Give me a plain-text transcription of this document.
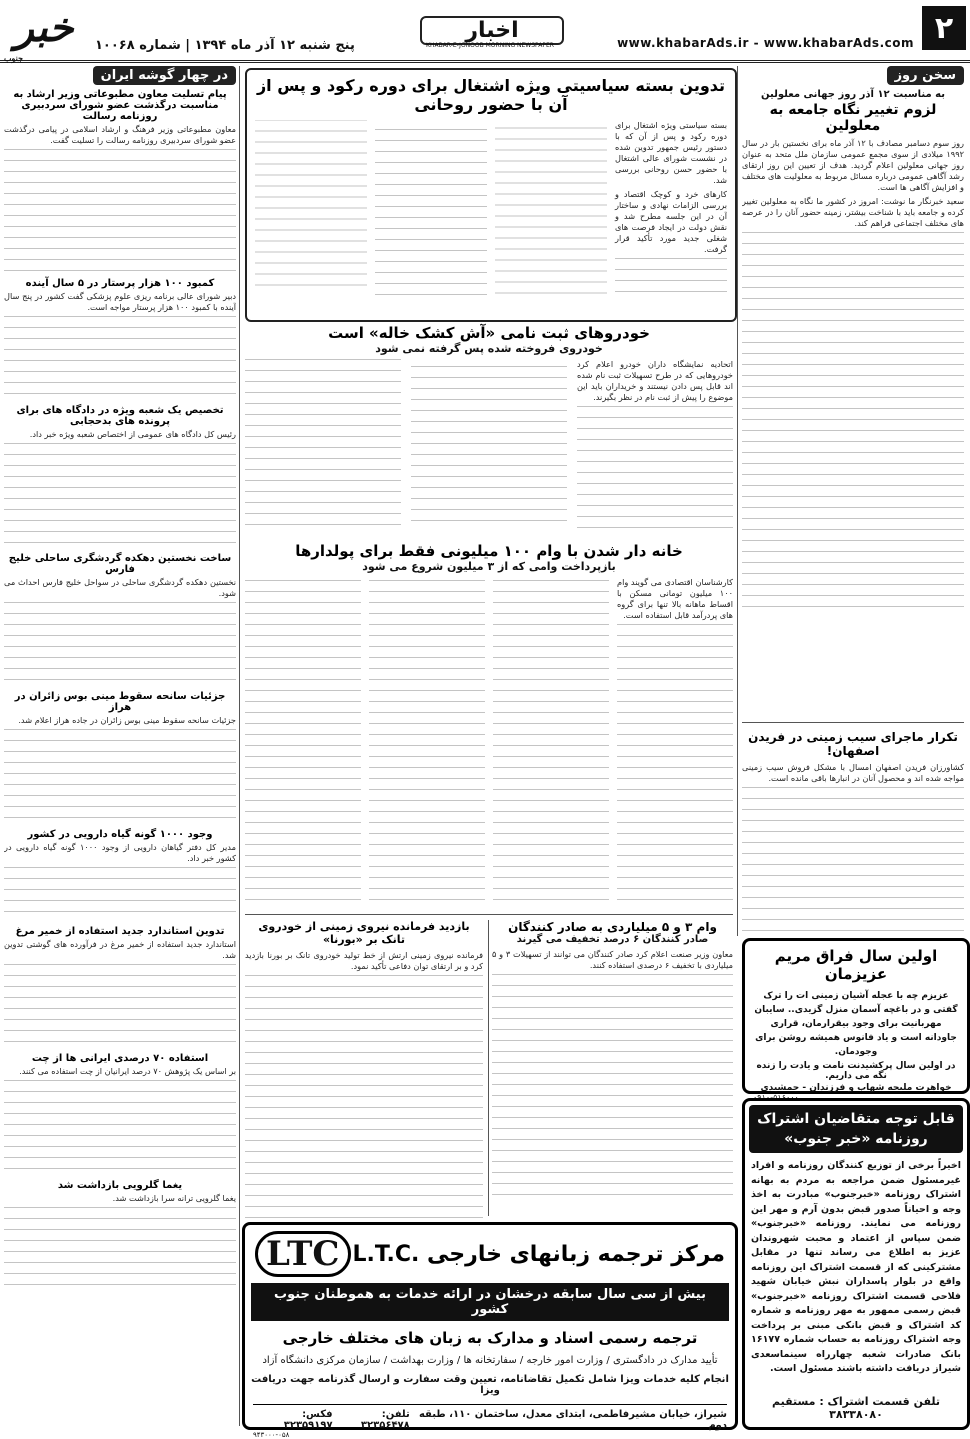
۲
www.khabarAds.ir - www.khabarAds.com
اخبار
KHABAR-E-JONOOB MORNING NEWSPAPER
پنج شنبه ۱۲ آذر ماه ۱۳۹۴ | شماره ۱۰۰۶۸
خبر
جنوب
سخن روز
به مناسبت ۱۲ آذر روز جهانی معلولین
لزوم تغییر نگاه جامعه به معلولین

روز سوم دسامبر مصادف با ۱۲ آذر ماه برای نخستین بار در سال ۱۹۹۲ میلادی از سوی مجمع عمومی سازمان ملل متحد به عنوان روز جهانی معلولین اعلام گردید. هدف از تعیین این روز ارتقای رشد آگاهی عمومی درباره مسائل مربوط به معلولیت های مختلف و افزایش آگاهی ها است.

سعید خبرنگار ما نوشت: امروز در کشور ما نگاه به معلولین تغییر کرده و جامعه باید با شناخت بیشتر، زمینه حضور آنان را در عرصه های مختلف اجتماعی فراهم کند.

تکرار ماجرای سیب زمینی در فریدن اصفهان!

کشاورزان فریدن اصفهان امسال با مشکل فروش سیب زمینی مواجه شده اند و محصول آنان در انبارها باقی مانده است.

اولین سال فراق مریم عزیزمان
عزیزم چه با عجله آشیان زمینی ات را ترک گفتی و در باغچه آسمان منزل گزیدی.. سایبان مهربانیت برای وجود بیقرارمان، قراری جاودانه است و یاد فانوس همیشه روشن برای وجودمان.
در اولین سال پرکشیدنت نامت و یادت را زنده نگه می داریم.
خواهرت ملیحه شهاب و فرزندان - جمشیدی
۰۹۱۰-۵۱۶۰۰۰
قابل توجه متقاضیان اشتراک روزنامه «خبر جنوب»
اخیراً برخی از توزیع کنندگان روزنامه و افراد غیرمسئول ضمن مراجعه به مردم به بهانه اشتراک روزنامه «خبرجنوب» مبادرت به اخذ وجه و احیاناً صدور قبض بدون آرم و مهر این روزنامه می نمایند. روزنامه «خبرجنوب» ضمن سپاس از اعتماد و محبت شهروندان عزیز به اطلاع می رساند تنها در مقابل مشترکینی که از قسمت اشتراک این روزنامه واقع در بلوار پاسداران نبش خیابان شهید فلاحی قسمت اشتراک روزنامه «خبرجنوب» قبض رسمی ممهور به مهر روزنامه و شماره کد اشتراک و قبض بانکی مبنی بر پرداخت وجه اشتراک روزنامه به حساب شماره ۱۶۱۷۷ بانک صادرات شعبه چهارراه سینماسعدی شیراز دریافت داشته باشند مسئول است.
تلفن قسمت اشتراک : مستقیم ۳۸۳۳۸۰۸۰
تدوین بسته سیاسیتی ویژه اشتغال برای دوره رکود و پس از آن با حضور روحانی

بسته سیاستی ویژه اشتغال برای دوره رکود و پس از آن که با دستور رئیس جمهور تدوین شده در نشست شورای عالی اشتغال با حضور حسن روحانی بررسی شد.

کارهای خرد و کوچک اقتصاد و بررسی الزامات نهادی و ساختار آن در این جلسه مطرح شد و نقش دولت در ایجاد فرصت های شغلی جدید مورد تأکید قرار گرفت.

خودروهای ثبت نامی «آش کشک خاله» است
خودروی فروخته شده پس گرفته نمی شود

اتحادیه نمایشگاه داران خودرو اعلام کرد خودروهایی که در طرح تسهیلات ثبت نام شده اند قابل پس دادن نیستند و خریداران باید این موضوع را پیش از ثبت نام در نظر بگیرند.

خانه دار شدن با وام ۱۰۰ میلیونی فقط برای پولدارها
بازپرداخت وامی که از ۳ میلیون شروع می شود

کارشناسان اقتصادی می گویند وام ۱۰۰ میلیون تومانی مسکن با اقساط ماهانه بالا تنها برای گروه های پردرآمد قابل استفاده است.

وام ۳ و ۵ میلیاردی به صادر کنندگان
صادر کنندگان ۶ درصد تخفیف می گیرند

معاون وزیر صنعت اعلام کرد صادر کنندگان می توانند از تسهیلات ۳ و ۵ میلیاردی با تخفیف ۶ درصدی استفاده کنند.

بازدید فرمانده نیروی زمینی از خودروی تانک بر «بورنا»

فرمانده نیروی زمینی ارتش از خط تولید خودروی تانک بر بورنا بازدید کرد و بر ارتقای توان دفاعی تأکید نمود.

مرکز ترجمه زبانهای خارجی L.T.C.
LTC
بیش از سی سال سابقه درخشان در ارائه خدمات به هموطنان جنوب کشور
ترجمه رسمی اسناد و مدارک به زبان های مختلف خارجی
تأیید مدارک در دادگستری / وزارت امور خارجه / سفارتخانه ها / وزارت بهداشت / سازمان مرکزی دانشگاه آزاد
انجام کلیه خدمات ویزا شامل تکمیل تقاضانامه، تعیین وقت سفارت و ارسال گذرنامه جهت دریافت ویزا
شیراز، خیابان مشیرفاطمی، ابتدای معدل، ساختمان ۱۱۰، طبقه دوم
تلفن: ۳۲۳۵۶۴۷۸
فکس: ۳۲۳۵۹۱۹۷
۹۴۳۰۰۰-۰۵۸
در چهار گوشه ایران
پیام تسلیت معاون مطبوعاتی وزیر ارشاد به مناسبت درگذشت عضو شورای سردبیری روزنامه رسالت

معاون مطبوعاتی وزیر فرهنگ و ارشاد اسلامی در پیامی درگذشت عضو شورای سردبیری روزنامه رسالت را تسلیت گفت.

کمبود ۱۰۰ هزار پرستار در ۵ سال آینده

دبیر شورای عالی برنامه ریزی علوم پزشکی گفت کشور در پنج سال آینده با کمبود ۱۰۰ هزار پرستار مواجه است.

تخصیص یک شعبه ویژه در دادگاه های برای پرونده های بدحجابی

رئیس کل دادگاه های عمومی از اختصاص شعبه ویژه خبر داد.

ساخت نخستین دهکده گردشگری ساحلی خلیج فارس

نخستین دهکده گردشگری ساحلی در سواحل خلیج فارس احداث می شود.

جزئیات سانحه سقوط مینی بوس زائران در هراز

جزئیات سانحه سقوط مینی بوس زائران در جاده هراز اعلام شد.

وجود ۱۰۰۰ گونه گیاه دارویی در کشور

مدیر کل دفتر گیاهان دارویی از وجود ۱۰۰۰ گونه گیاه دارویی در کشور خبر داد.

تدوین استاندارد جدید استفاده از خمیر مرغ

استاندارد جدید استفاده از خمیر مرغ در فرآورده های گوشتی تدوین شد.

استفاده ۷۰ درصدی ایرانی ها از چت

بر اساس یک پژوهش ۷۰ درصد ایرانیان از چت استفاده می کنند.

یغما گلرویی بازداشت شد

یغما گلرویی ترانه سرا بازداشت شد.
